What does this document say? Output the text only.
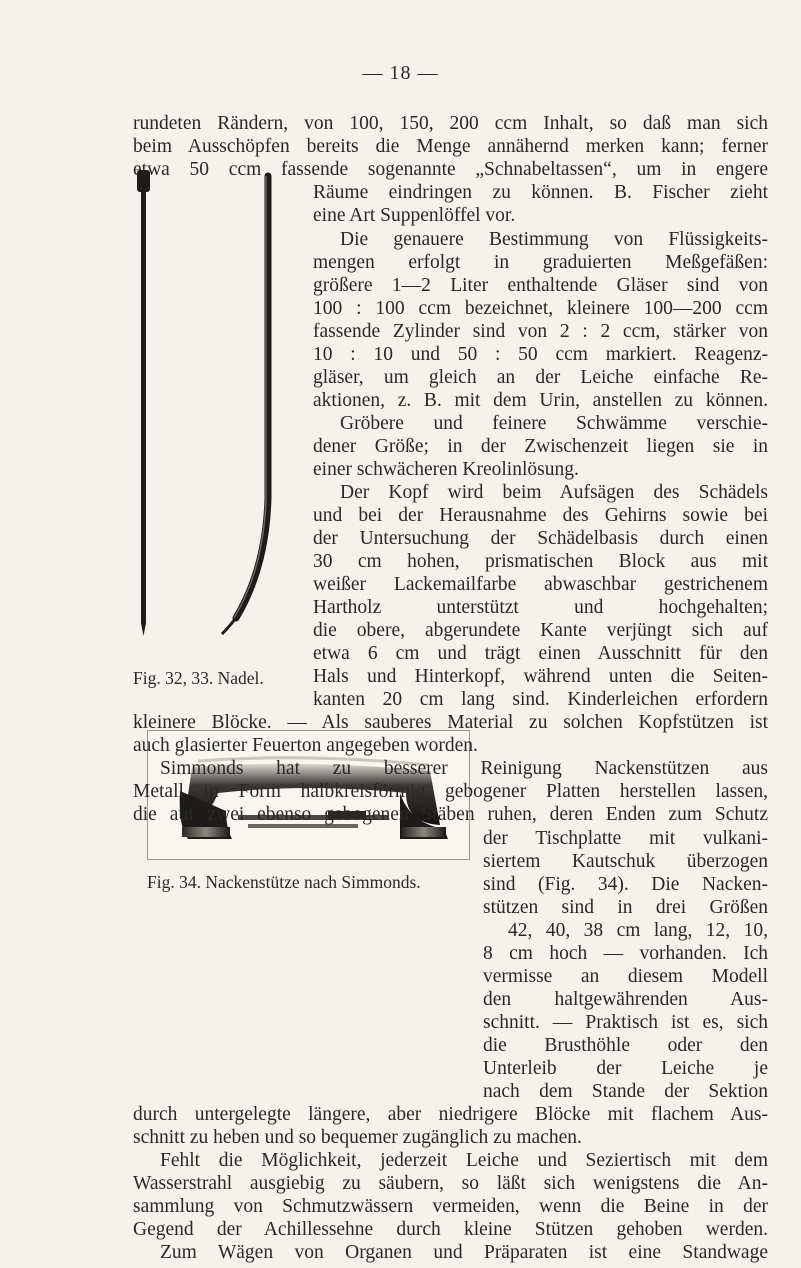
— 18 —
rundeten Rändern, von 100, 150, 200 ccm Inhalt, so daß man sich
beim Ausschöpfen bereits die Menge annähernd merken kann; ferner
etwa 50 ccm fassende sogenannte „Schnabeltassen“, um in engere
Räume eindringen zu können. B. Fischer zieht
eine Art Suppenlöffel vor.
Die genauere Bestimmung von Flüssigkeits-
mengen erfolgt in graduierten Meßgefäßen:
größere 1—2 Liter enthaltende Gläser sind von
100 : 100 ccm bezeichnet, kleinere 100—200 ccm
fassende Zylinder sind von 2 : 2 ccm, stärker von
10 : 10 und 50 : 50 ccm markiert. Reagenz-
gläser, um gleich an der Leiche einfache Re-
aktionen, z. B. mit dem Urin, anstellen zu können.
Gröbere und feinere Schwämme verschie-
dener Größe; in der Zwischenzeit liegen sie in
einer schwächeren Kreolinlösung.
Der Kopf wird beim Aufsägen des Schädels
und bei der Herausnahme des Gehirns sowie bei
der Untersuchung der Schädelbasis durch einen
30 cm hohen, prismatischen Block aus mit
weißer Lackemailfarbe abwaschbar gestrichenem
Hartholz unterstützt und hochgehalten;
die obere, abgerundete Kante verjüngt sich auf
etwa 6 cm und trägt einen Ausschnitt für den
Hals und Hinterkopf, während unten die Seiten-
kanten 20 cm lang sind. Kinderleichen erfordern
kleinere Blöcke. — Als sauberes Material zu solchen Kopfstützen ist
auch glasierter Feuerton angegeben worden.
Simmonds hat zu besserer Reinigung Nackenstützen aus
Metall in Form halbkreisförmig gebogener Platten herstellen lassen,
die auf zwei ebenso gebogenen Stäben ruhen, deren Enden zum Schutz
der Tischplatte mit vulkani-
siertem Kautschuk überzogen
sind (Fig. 34). Die Nacken-
stützen sind in drei Größen
42, 40, 38 cm lang, 12, 10,
8 cm hoch — vorhanden. Ich
vermisse an diesem Modell
den haltgewährenden Aus-
schnitt. — Praktisch ist es, sich
die Brusthöhle oder den
Unterleib der Leiche je
nach dem Stande der Sektion
durch untergelegte längere, aber niedrigere Blöcke mit flachem Aus-
schnitt zu heben und so bequemer zugänglich zu machen.
Fehlt die Möglichkeit, jederzeit Leiche und Seziertisch mit dem
Wasserstrahl ausgiebig zu säubern, so läßt sich wenigstens die An-
sammlung von Schmutzwässern vermeiden, wenn die Beine in der
Gegend der Achillessehne durch kleine Stützen gehoben werden.
Zum Wägen von Organen und Präparaten ist eine Standwage
Fig. 32, 33. Nadel.
Fig. 34. Nackenstütze nach Simmonds.
